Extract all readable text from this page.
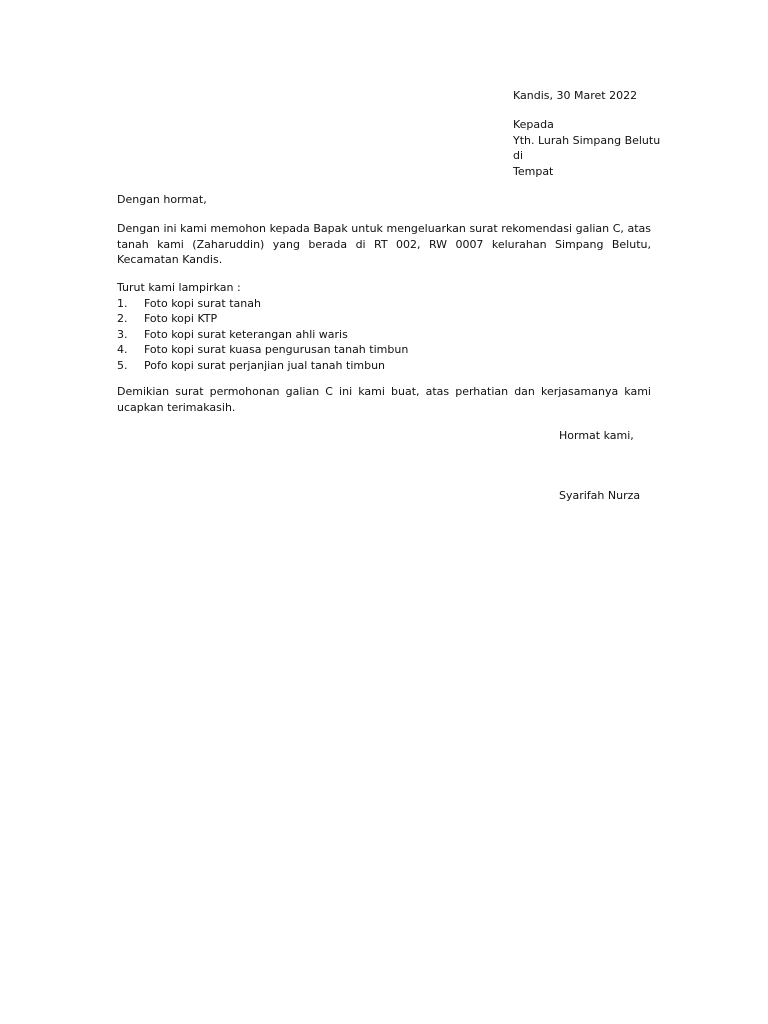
Kandis, 30 Maret 2022
Kepada
Yth. Lurah Simpang Belutu
di
Tempat
Dengan hormat,
Dengan ini kami memohon kepada Bapak untuk mengeluarkan surat rekomendasi galian C, atas tanah kami (Zaharuddin) yang berada di RT 002, RW 0007 kelurahan Simpang Belutu, Kecamatan Kandis.
Turut kami lampirkan :
1.	Foto kopi surat tanah
2.	Foto kopi KTP
3.	Foto kopi surat keterangan ahli waris
4.	Foto kopi surat kuasa pengurusan tanah timbun
5.	Pofo kopi surat perjanjian jual tanah timbun
Demikian surat permohonan galian C ini kami buat, atas perhatian dan kerjasamanya kami ucapkan terimakasih.
Hormat kami,
Syarifah Nurza
